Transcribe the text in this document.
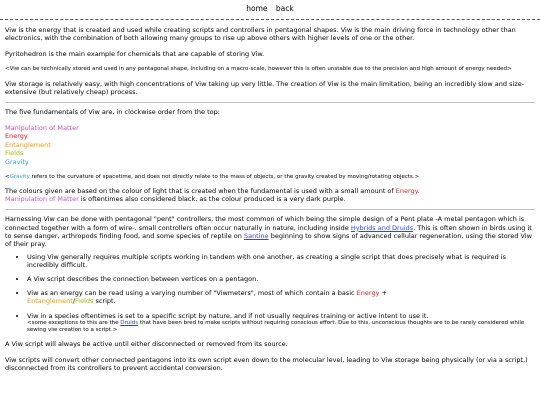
home back

Viw is the energy that is created and used while creating scripts and controllers in pentagonal shapes. Viw is the main driving force in technology other than electronics, with the combination of both allowing many groups to rise up above others with higher levels of one or the other.

Pyritohedron is the main example for chemicals that are capable of storing Viw.

<Viw can be technically stored and used in any pentagonal shape, including on a macro-scale, however this is often unstable due to the precision and high amount of energy needed>

Viw storage is relatively easy, with high concentrations of Viw taking up very little. The creation of Viw is the main limitation, being an incredibly slow and size-extensive (but relatively cheap) process.

The five fundamentals of Viw are, in clockwise order from the top:

Manipulation of Matter
Energy
Entanglement
Fields
Gravity

<Gravity refers to the curvature of spacetime, and does not directly relate to the mass of objects, or the gravity created by moving/rotating objects.>

The colours given are based on the colour of light that is created when the fundamental is used with a small amount of Energy.
Manipulation of Matter is oftentimes also considered black, as the colour produced is a very dark purple.

Harnessing Viw can be done with pentagonal "pent" controllers, the most common of which being the simple design of a Pent plate -A metal pentagon which is connected together with a form of wire-. small controllers often occur naturally in nature, including inside Hybrids and Druids. This is often shown in birds using it to sense danger, arthropods finding food, and some species of reptile on Santine beginning to show signs of advanced cellular regeneration, using the stored Viw of their pray.

• Using Viw generally requires multiple scripts working in tandem with one another, as creating a single script that does precisely what is required is incredibly difficult.
• A Viw script describes the connection between vertices on a pentagon.
• Viw as an energy can be read using a varying number of "Viwmeters", most of which contain a basic Energy +
Entanglement/Fields script.
• Viw in a species oftentimes is set to a specific script by nature, and if not usually requires training or active intent to use it.
<some exceptions to this are the Druids that have been bred to make scripts without requiring conscious effort. Due to this, unconscious thoughts are to be rarely considered while sewing viw creation to a script.>

A Viw script will always be active until either disconnected or removed from its source.

Viw scripts will convert other connected pentagons into its own script even down to the molecular level, leading to Viw storage being physically (or via a script,) disconnected from its controllers to prevent accidental conversion.
